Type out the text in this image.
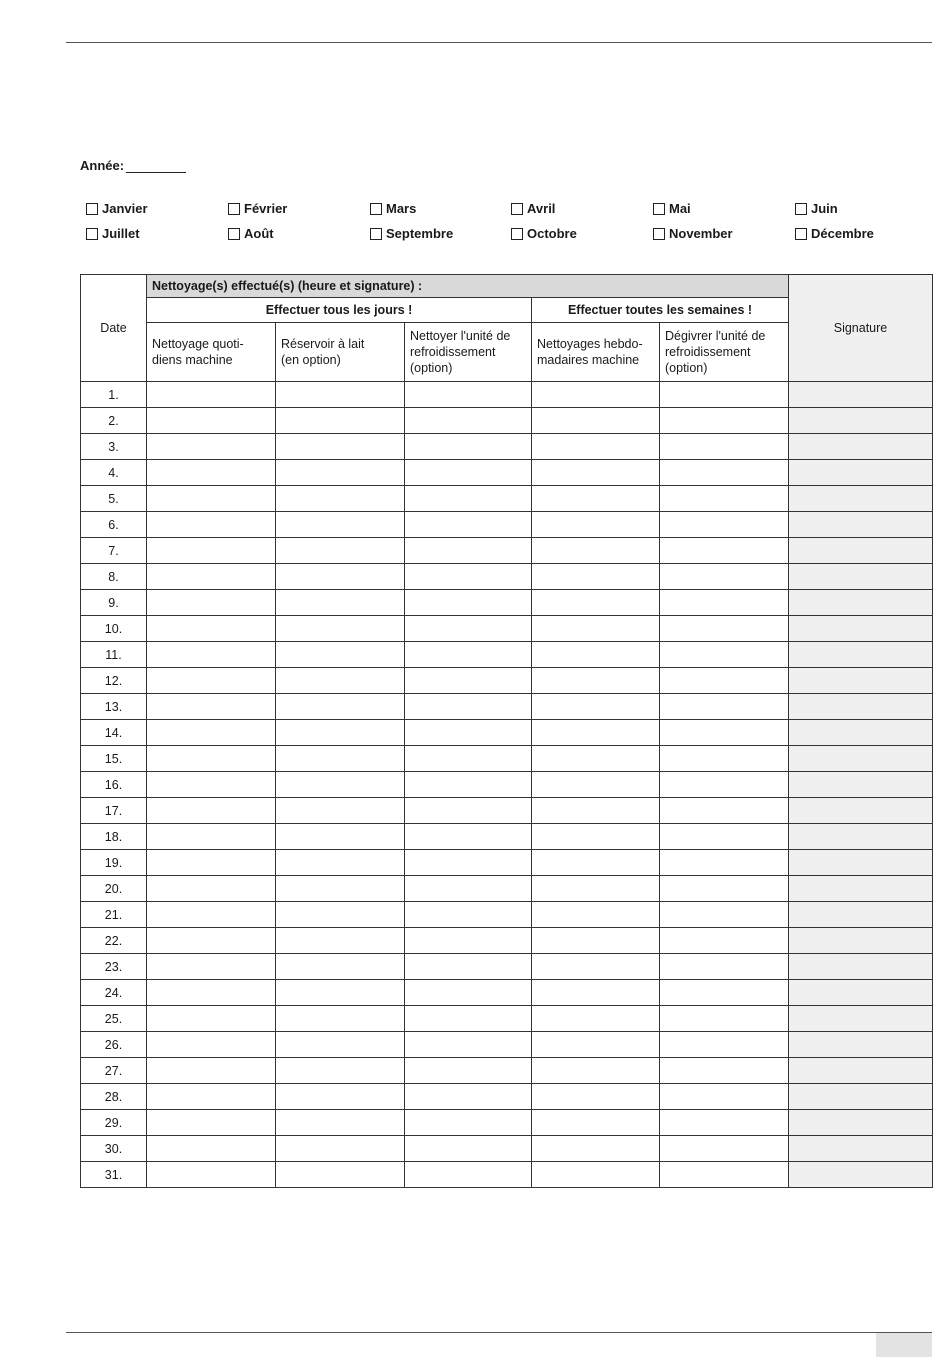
Année:
Janvier	Février	Mars	Avril	Mai	Juin
Juillet	Août	Septembre	Octobre	November	Décembre
Date	Nettoyage(s) effectué(s) (heure et signature) :					Signature
	Effectuer tous les jours !			Effectuer toutes les semaines !		
	Nettoyage quoti-
diens machine	Réservoir à lait
(en option)	Nettoyer l'unité de
refroidissement
(option)	Nettoyages hebdo-
madaires machine	Dégivrer l'unité de
refroidissement
(option)	
1.						
2.						
3.						
4.						
5.						
6.						
7.						
8.						
9.						
10.						
11.						
12.						
13.						
14.						
15.						
16.						
17.						
18.						
19.						
20.						
21.						
22.						
23.						
24.						
25.						
26.						
27.						
28.						
29.						
30.						
31.						
